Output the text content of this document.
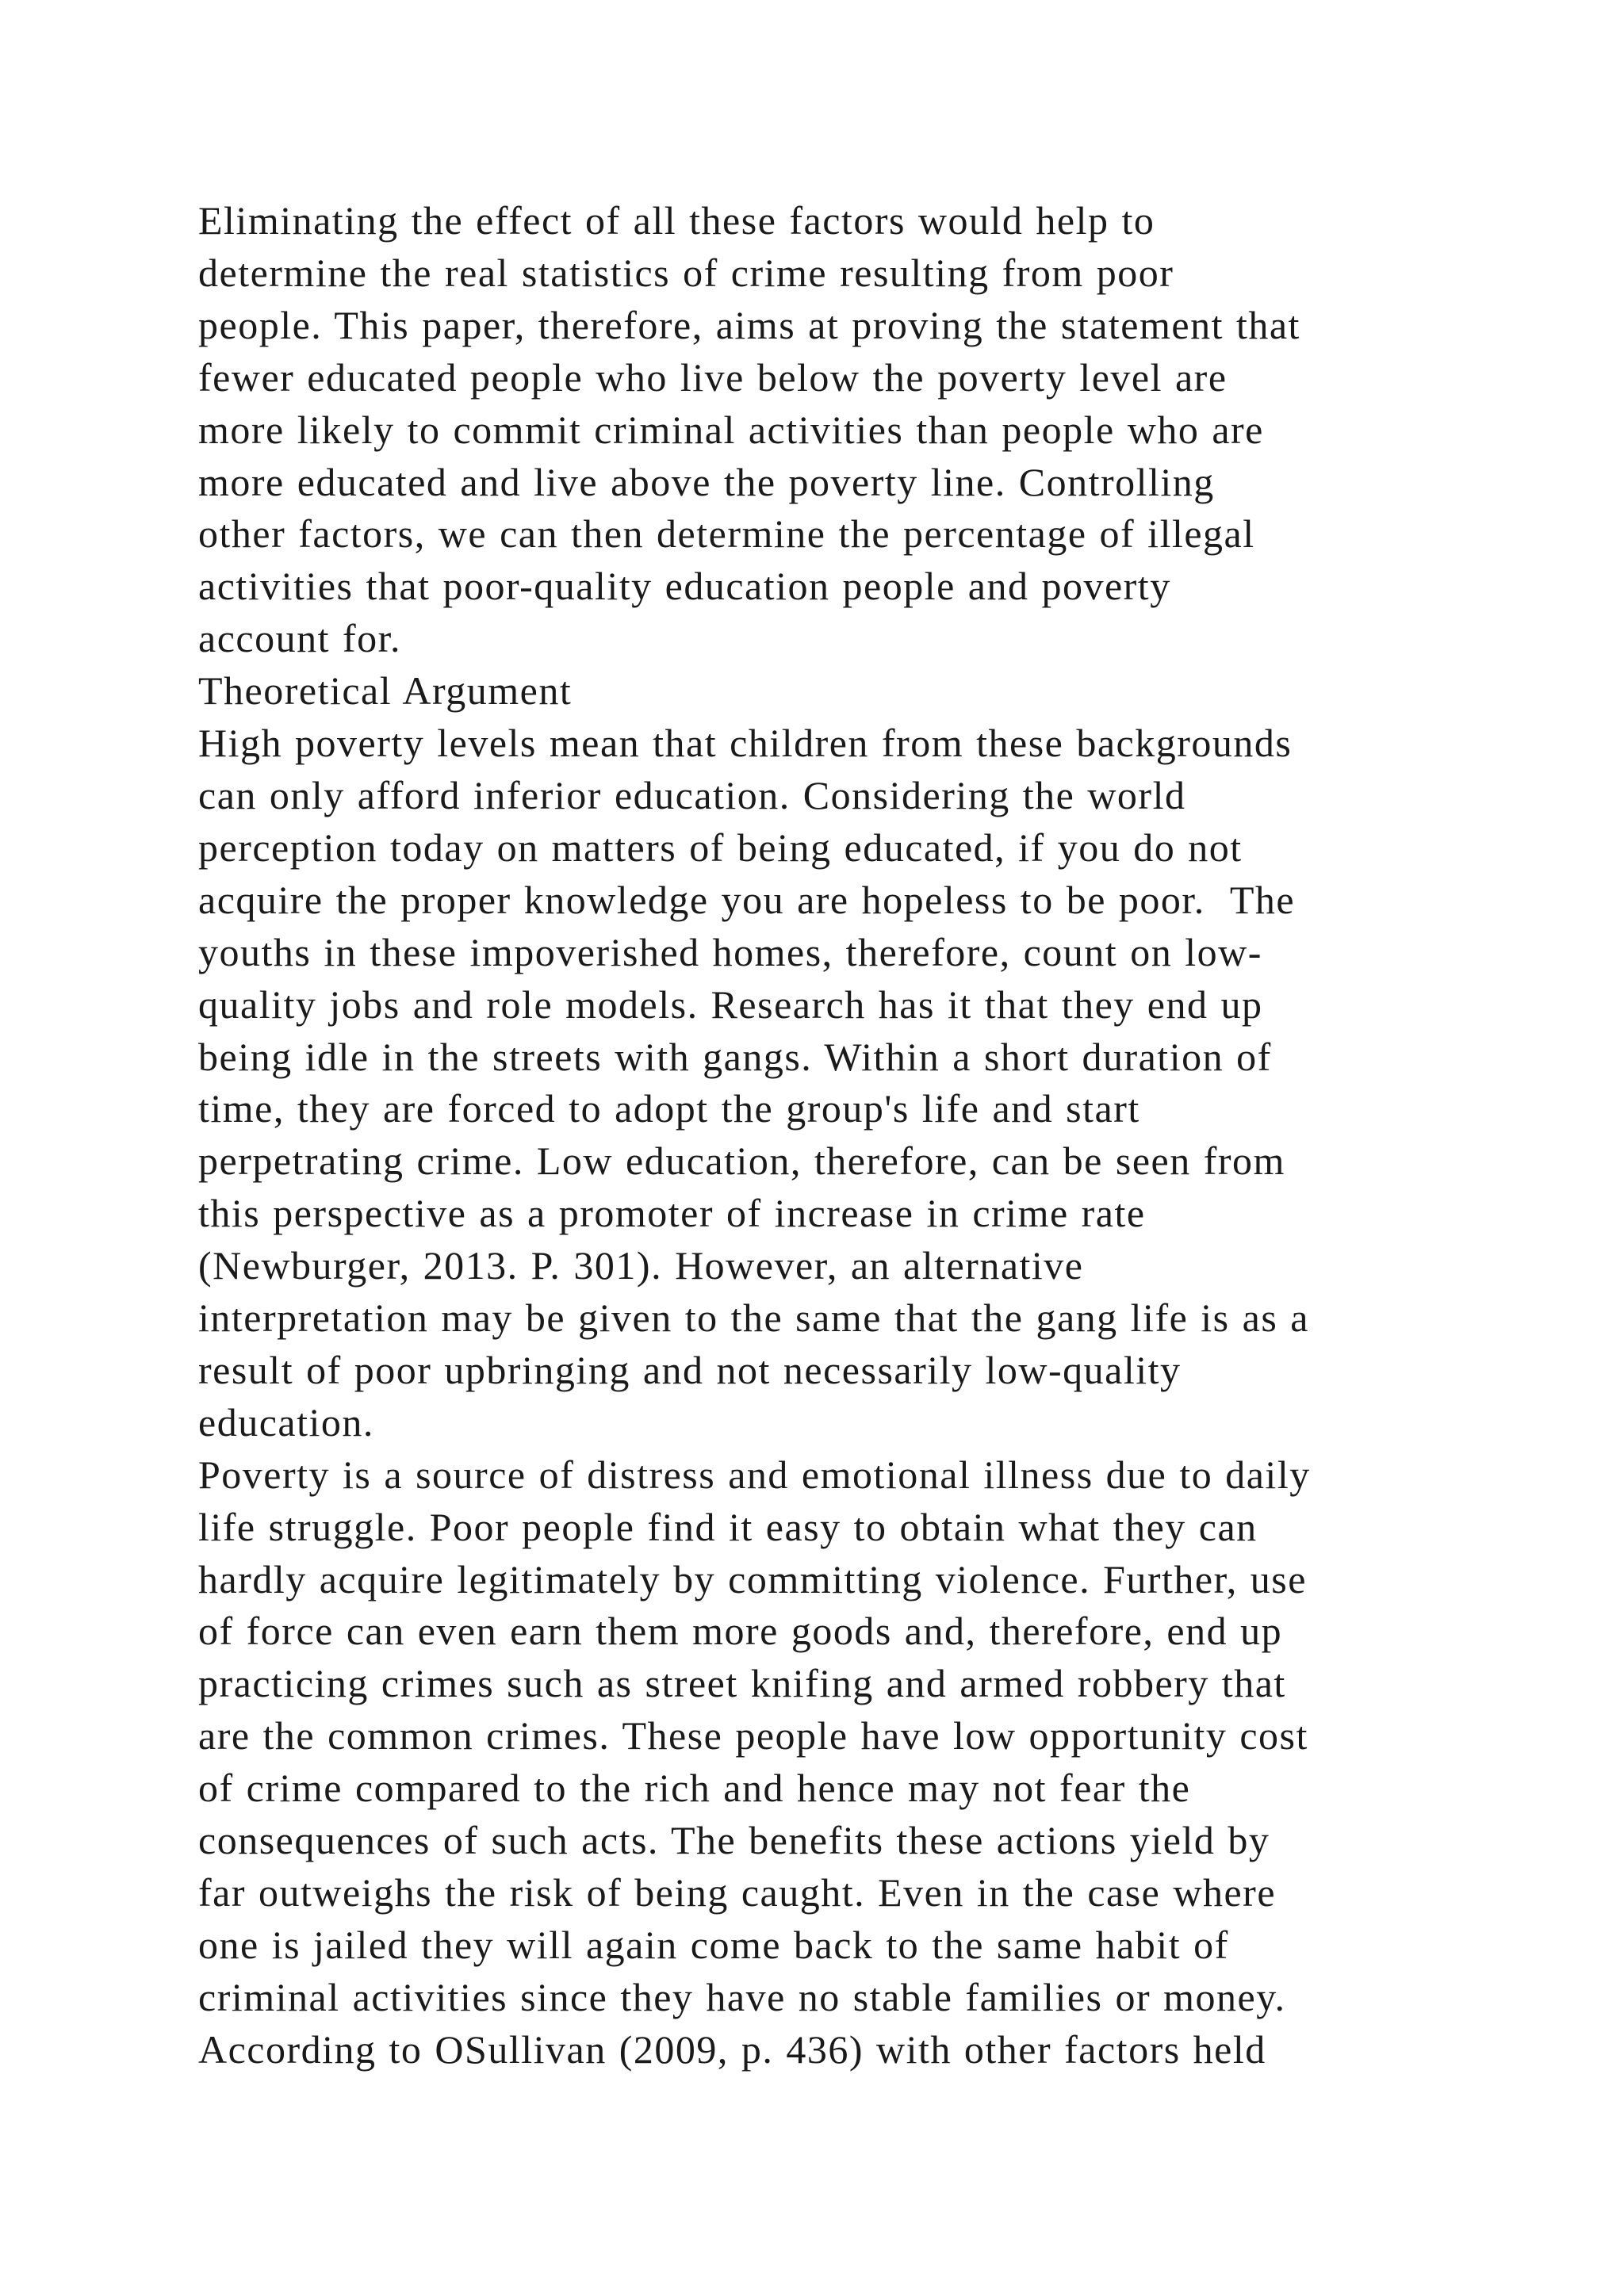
Eliminating the effect of all these factors would help to
determine the real statistics of crime resulting from poor
people. This paper, therefore, aims at proving the statement that
fewer educated people who live below the poverty level are
more likely to commit criminal activities than people who are
more educated and live above the poverty line. Controlling
other factors, we can then determine the percentage of illegal
activities that poor-quality education people and poverty
account for.
Theoretical Argument
High poverty levels mean that children from these backgrounds
can only afford inferior education. Considering the world
perception today on matters of being educated, if you do not
acquire the proper knowledge you are hopeless to be poor.  The
youths in these impoverished homes, therefore, count on low-
quality jobs and role models. Research has it that they end up
being idle in the streets with gangs. Within a short duration of
time, they are forced to adopt the group's life and start
perpetrating crime. Low education, therefore, can be seen from
this perspective as a promoter of increase in crime rate
(Newburger, 2013. P. 301). However, an alternative
interpretation may be given to the same that the gang life is as a
result of poor upbringing and not necessarily low-quality
education.
Poverty is a source of distress and emotional illness due to daily
life struggle. Poor people find it easy to obtain what they can
hardly acquire legitimately by committing violence. Further, use
of force can even earn them more goods and, therefore, end up
practicing crimes such as street knifing and armed robbery that
are the common crimes. These people have low opportunity cost
of crime compared to the rich and hence may not fear the
consequences of such acts. The benefits these actions yield by
far outweighs the risk of being caught. Even in the case where
one is jailed they will again come back to the same habit of
criminal activities since they have no stable families or money.
According to OSullivan (2009, p. 436) with other factors held
